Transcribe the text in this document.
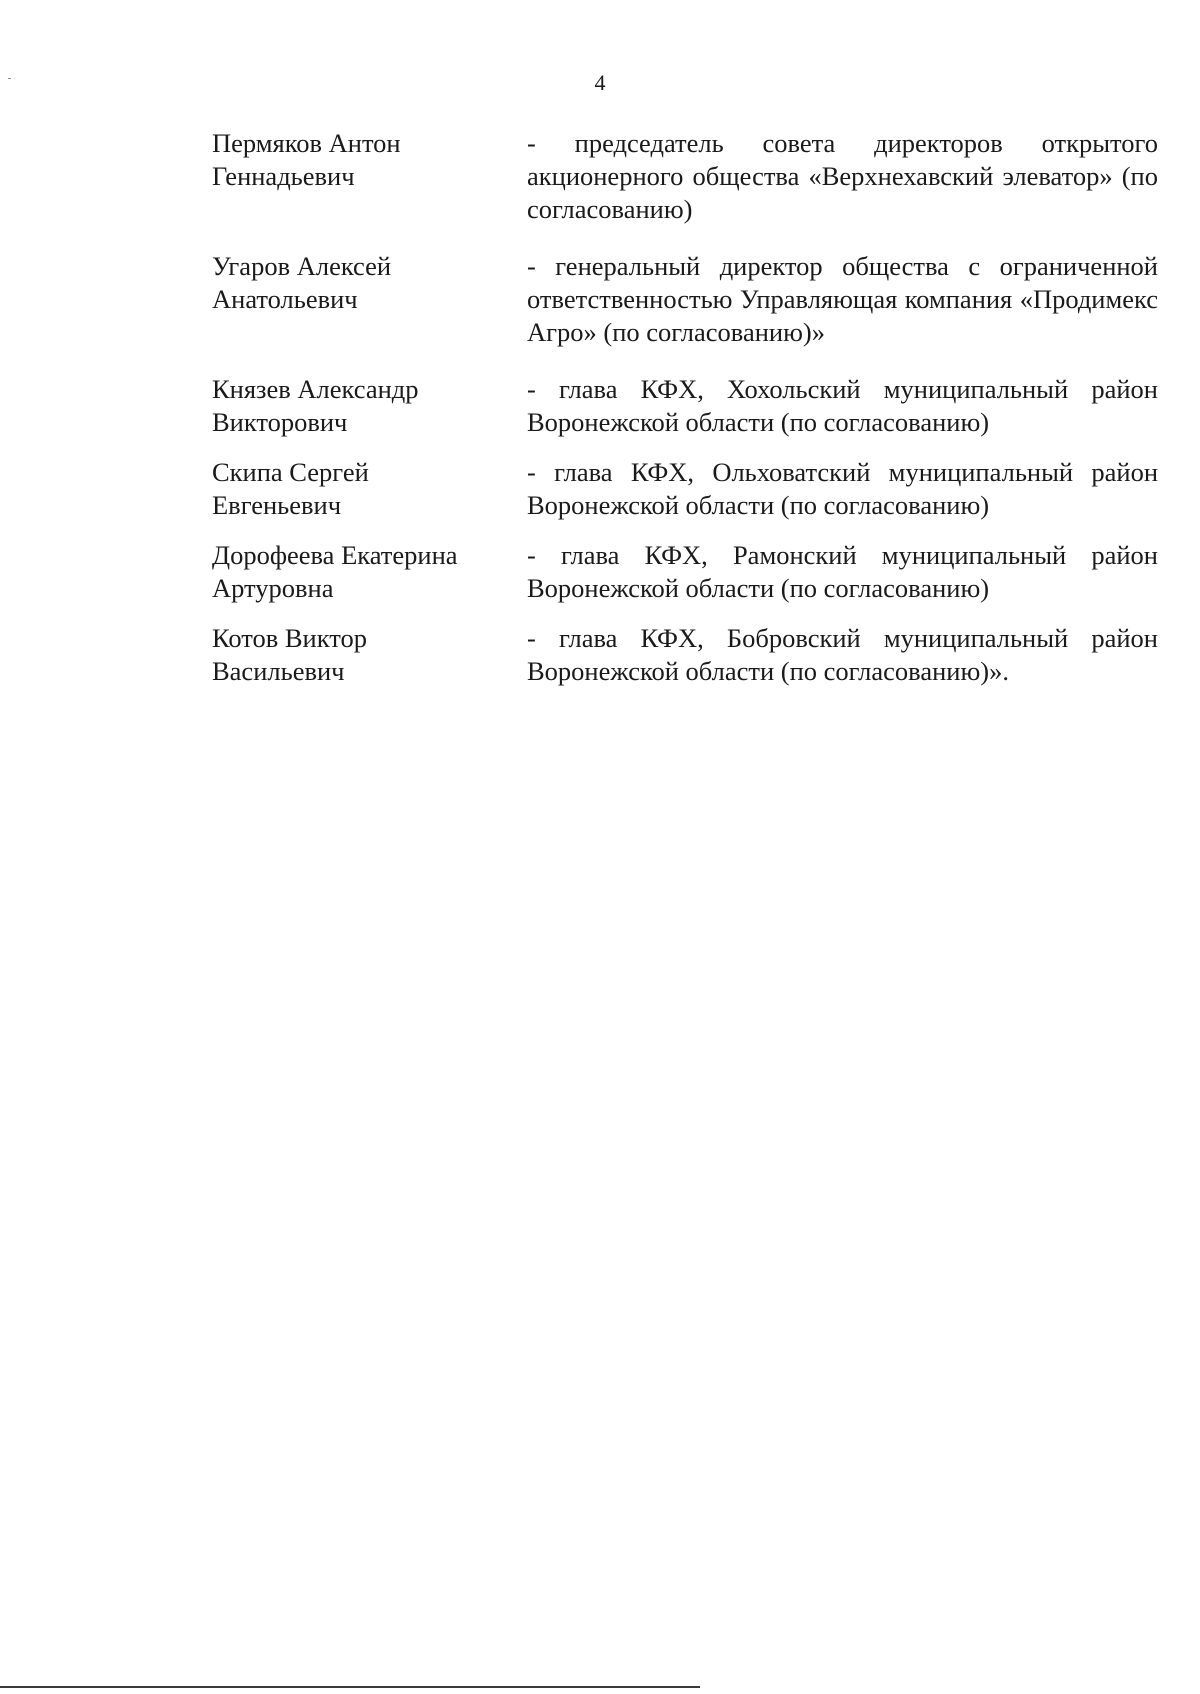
4
Пермяков Антон
Геннадьевич
- председатель совета директоров открытого акционерного общества «Верхнехавский элеватор» (по согласованию)
Угаров Алексей
Анатольевич
- генеральный директор общества с ограниченной ответственностью Управляющая компания «Продимекс Агро» (по согласованию)»
Князев Александр
Викторович
- глава КФХ, Хохольский муниципальный район Воронежской области (по согласованию)
Скипа Сергей
Евгеньевич
- глава КФХ, Ольховатский муниципальный район Воронежской области (по согласованию)
Дорофеева Екатерина
Артуровна
- глава КФХ, Рамонский муниципальный район Воронежской области (по согласованию)
Котов Виктор
Васильевич
- глава КФХ, Бобровский муниципальный район Воронежской области (по согласованию)».
